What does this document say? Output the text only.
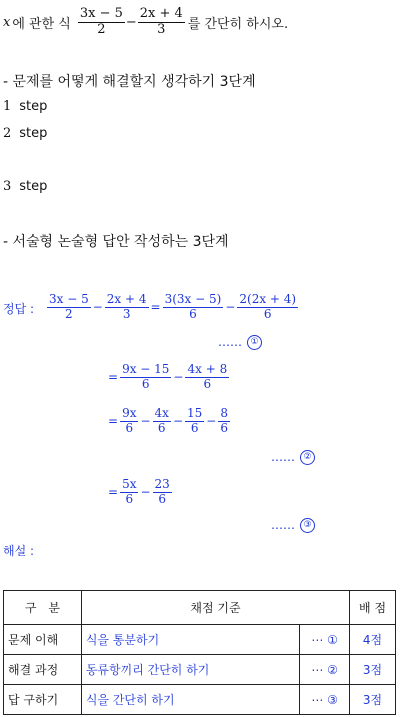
x 에 관한 식 $\frac{3x - 5}{2} - \frac{2x + 4}{3}$ 를 간단히 하시오.
- 문제를 어떻게 해결할지 생각하기 3단계
1 step
2 step
3 step
- 서술형 논술형 답안 작성하는 3단계
정답 : $\frac{3x - 5}{2} - \frac{2x + 4}{3} = \frac{3(3x - 5)}{6} - \frac{2(2x + 4)}{6}$
…… ①
= $\frac{9x - 15}{6} - \frac{4x + 8}{6}$
= $\frac{9x}{6} - \frac{4x}{6} - \frac{15}{6} - \frac{8}{6}$
…… ②
= $\frac{5x}{6} - \frac{23}{6}$
…… ③
해설 :
구　분	채점 기준		배 점
문제 이해	식을 통분하기	⋯ ①	4점
해결 과정	동류항끼리 간단히 하기	⋯ ②	3점
답 구하기	식을 간단히 하기	⋯ ③	3점
